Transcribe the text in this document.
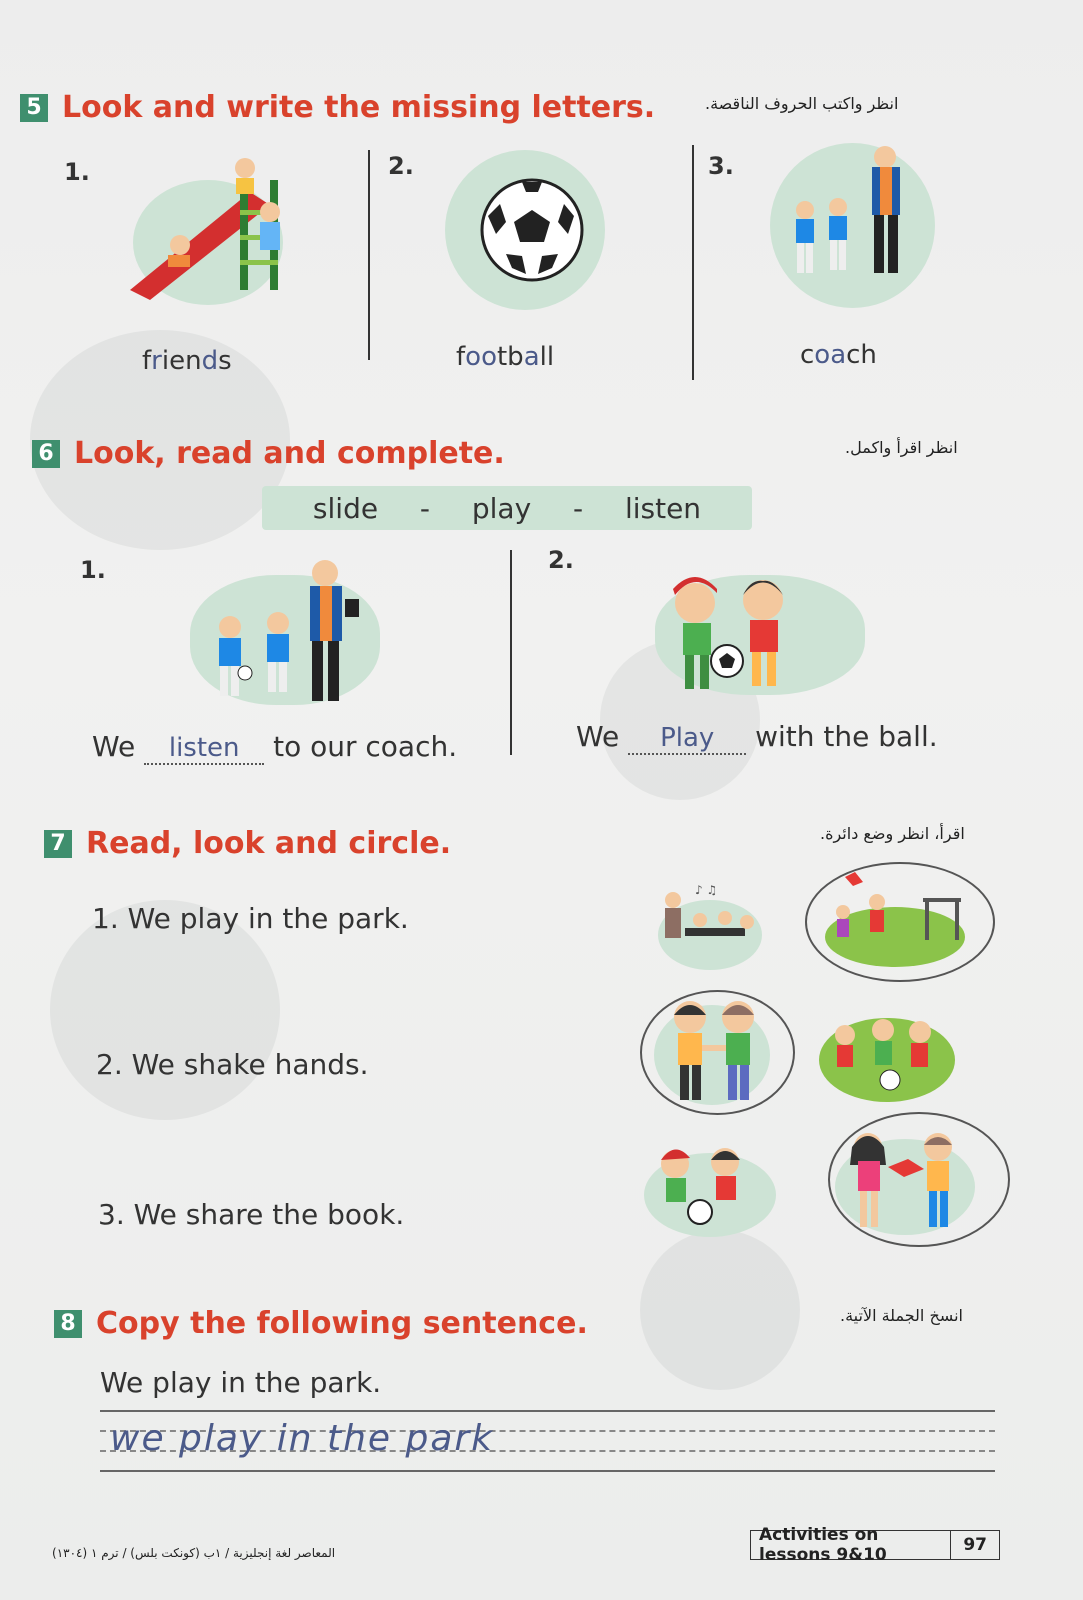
5 Look and write the missing letters.	انظر واكتب الحروف الناقصة.
1.	2.	3.
friends	football	coach
6 Look, read and complete.	انظر اقرأ واكمل.
slide - play - listen
1.	2.
We listen to our coach.	We Play with the ball.
7 Read, look and circle.	اقرأ، انظر وضع دائرة.
1. We play in the park.
2. We shake hands.
3. We share the book.
♪ ♫
8 Copy the following sentence.	انسخ الجملة الآتية.
We play in the park.
we play in the park
المعاصر لغة إنجليزية / ١ب (كونكت بلس) / ترم ١ (١٣٠٤)
Activities on lessons 9&10	97
